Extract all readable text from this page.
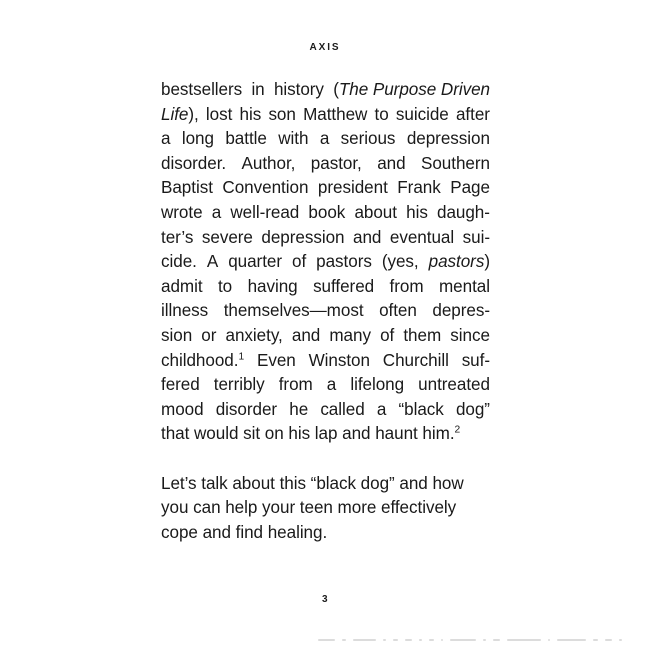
AXIS

bestsellers in history (The Purpose Driven
Life), lost his son Matthew to suicide after
a long battle with a serious depression
disorder. Author, pastor, and Southern
Baptist Convention president Frank Page
wrote a well-read book about his daugh-
ter’s severe depression and eventual sui-
cide. A quarter of pastors (yes, pastors)
admit to having suffered from mental
illness themselves—most often depres-
sion or anxiety, and many of them since
childhood.$^1$ Even Winston Churchill suf-
fered terribly from a lifelong untreated
mood disorder he called a “black dog”
that would sit on his lap and haunt him.$^2$

Let’s talk about this “black dog” and how
you can help your teen more effectively
cope and find healing.

3
